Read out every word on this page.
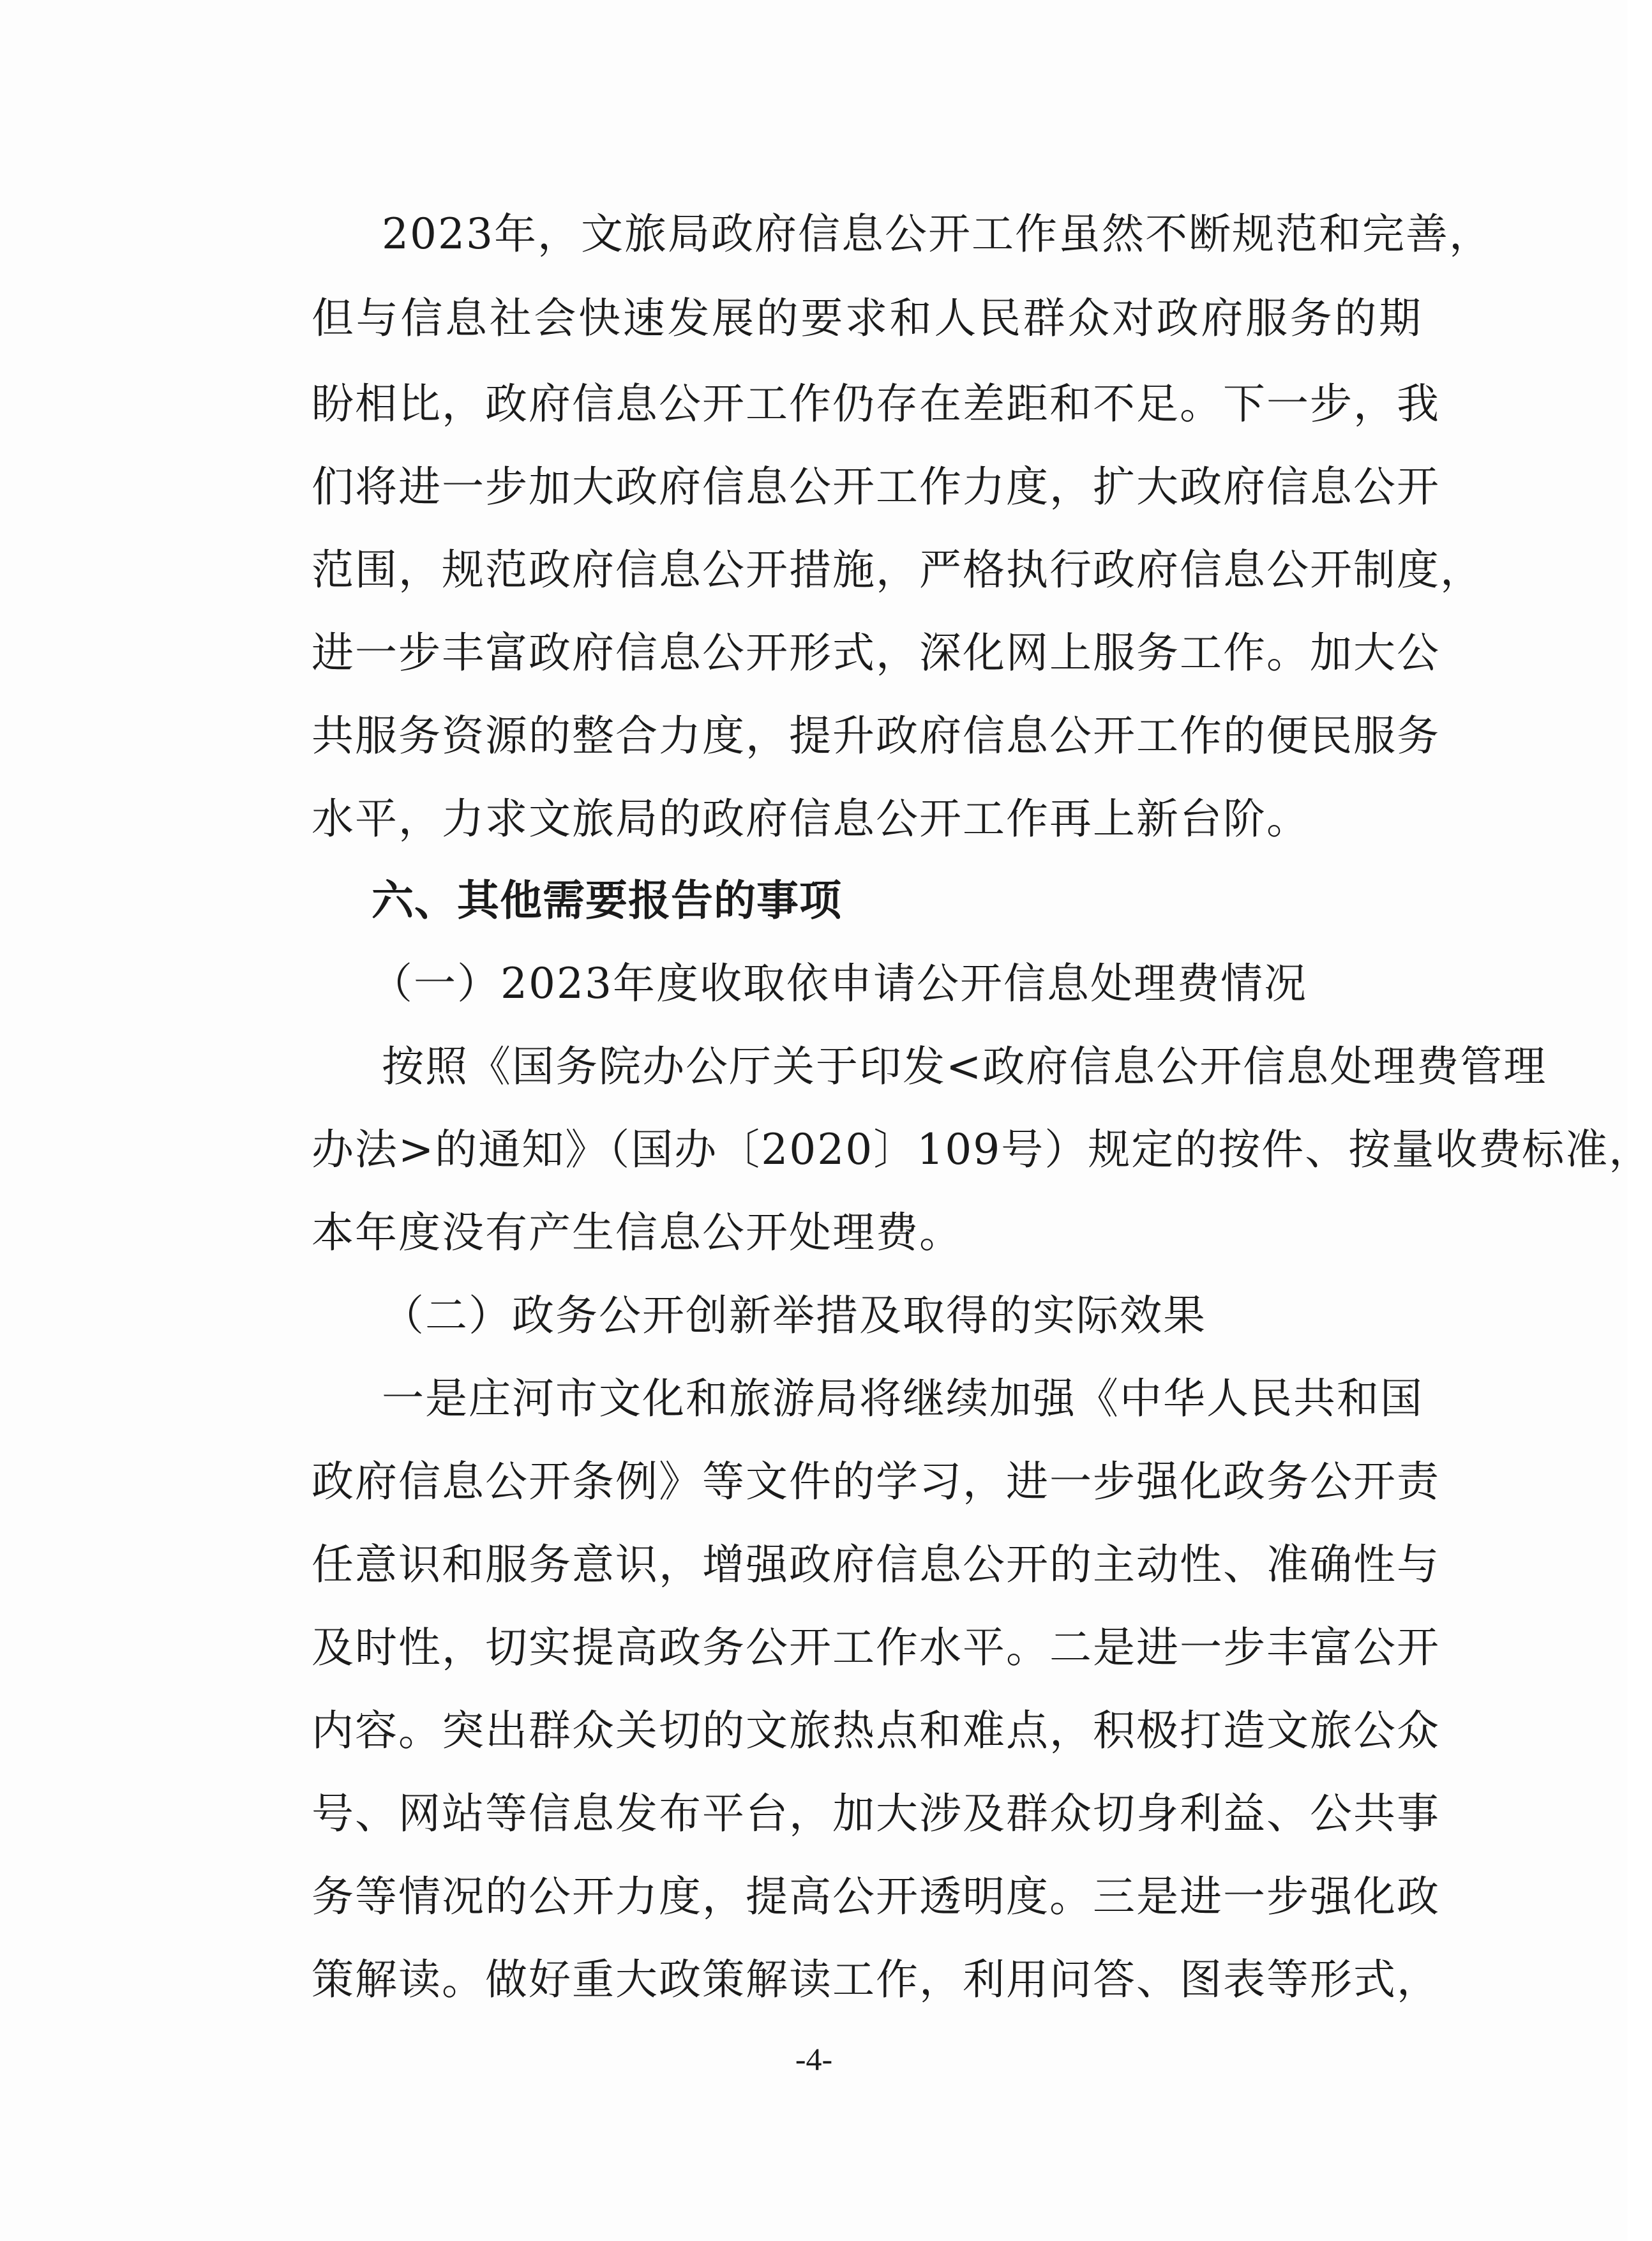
2023年，文旅局政府信息公开工作虽然不断规范和完善，
但与信息社会快速发展的要求和人民群众对政府服务的期
盼相比，政府信息公开工作仍存在差距和不足。下一步，我
们将进一步加大政府信息公开工作力度，扩大政府信息公开
范围，规范政府信息公开措施，严格执行政府信息公开制度，
进一步丰富政府信息公开形式，深化网上服务工作。加大公
共服务资源的整合力度，提升政府信息公开工作的便民服务
水平，力求文旅局的政府信息公开工作再上新台阶。
六、其他需要报告的事项
（一）2023年度收取依申请公开信息处理费情况
按照《国务院办公厅关于印发<政府信息公开信息处理费管理
办法>的通知》（国办〔2020〕109号）规定的按件、按量收费标准，
本年度没有产生信息公开处理费。
（二）政务公开创新举措及取得的实际效果
一是庄河市文化和旅游局将继续加强《中华人民共和国
政府信息公开条例》等文件的学习，进一步强化政务公开责
任意识和服务意识，增强政府信息公开的主动性、准确性与
及时性，切实提高政务公开工作水平。二是进一步丰富公开
内容。突出群众关切的文旅热点和难点，积极打造文旅公众
号、网站等信息发布平台，加大涉及群众切身利益、公共事
务等情况的公开力度，提高公开透明度。三是进一步强化政
策解读。做好重大政策解读工作，利用问答、图表等形式，
-4-
